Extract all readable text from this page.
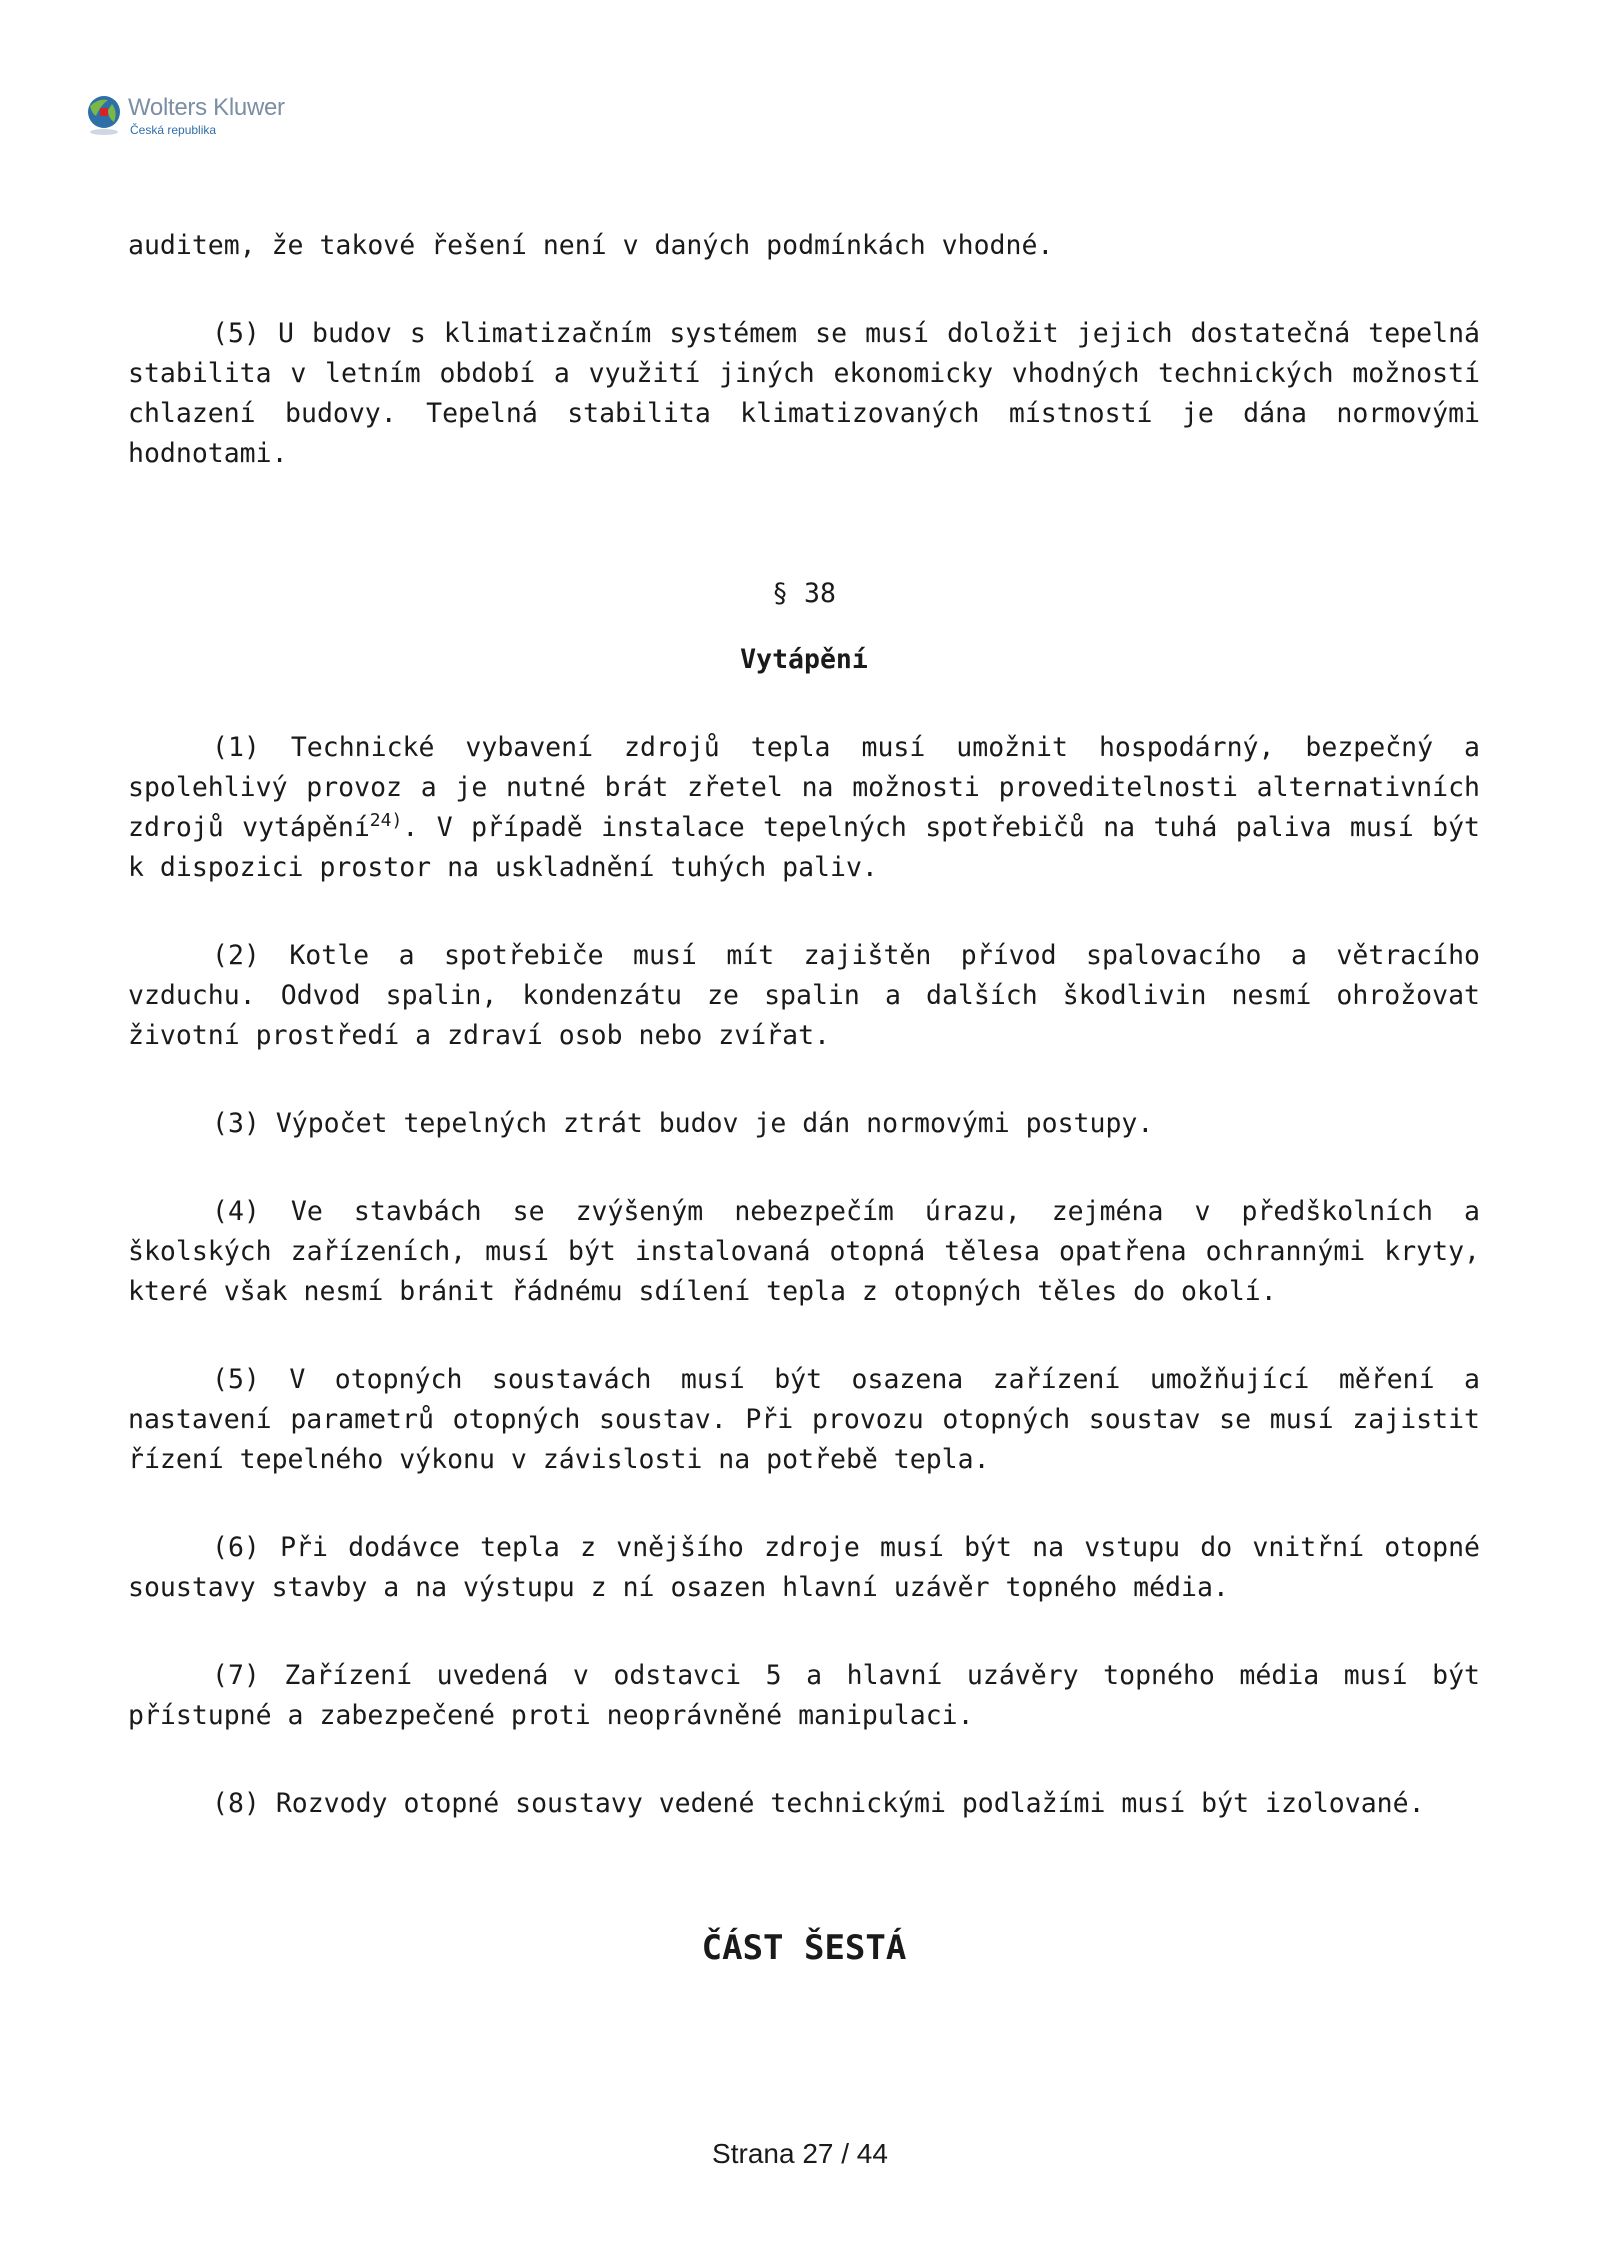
Wolters Kluwer
Česká republika

auditem, že takové řešení není v daných podmínkách vhodné.

(5) U budov s klimatizačním systémem se musí doložit jejich dostatečná tepelná stabilita v letním období a využití jiných ekonomicky vhodných technických možností chlazení budovy. Tepelná stabilita klimatizovaných místností je dána normovými hodnotami.

§ 38

Vytápění

(1) Technické vybavení zdrojů tepla musí umožnit hospodárný, bezpečný a spolehlivý provoz a je nutné brát zřetel na možnosti proveditelnosti alternativních zdrojů vytápění$^{24)}$. V případě instalace tepelných spotřebičů na tuhá paliva musí být k dispozici prostor na uskladnění tuhých paliv.

(2) Kotle a spotřebiče musí mít zajištěn přívod spalovacího a větracího vzduchu. Odvod spalin, kondenzátu ze spalin a dalších škodlivin nesmí ohrožovat životní prostředí a zdraví osob nebo zvířat.

(3) Výpočet tepelných ztrát budov je dán normovými postupy.

(4) Ve stavbách se zvýšeným nebezpečím úrazu, zejména v předškolních a školských zařízeních, musí být instalovaná otopná tělesa opatřena ochrannými kryty, které však nesmí bránit řádnému sdílení tepla z otopných těles do okolí.

(5) V otopných soustavách musí být osazena zařízení umožňující měření a nastavení parametrů otopných soustav. Při provozu otopných soustav se musí zajistit řízení tepelného výkonu v závislosti na potřebě tepla.

(6) Při dodávce tepla z vnějšího zdroje musí být na vstupu do vnitřní otopné soustavy stavby a na výstupu z ní osazen hlavní uzávěr topného média.

(7) Zařízení uvedená v odstavci 5 a hlavní uzávěry topného média musí být přístupné a zabezpečené proti neoprávněné manipulaci.

(8) Rozvody otopné soustavy vedené technickými podlažími musí být izolované.

ČÁST ŠESTÁ

Strana 27 / 44
